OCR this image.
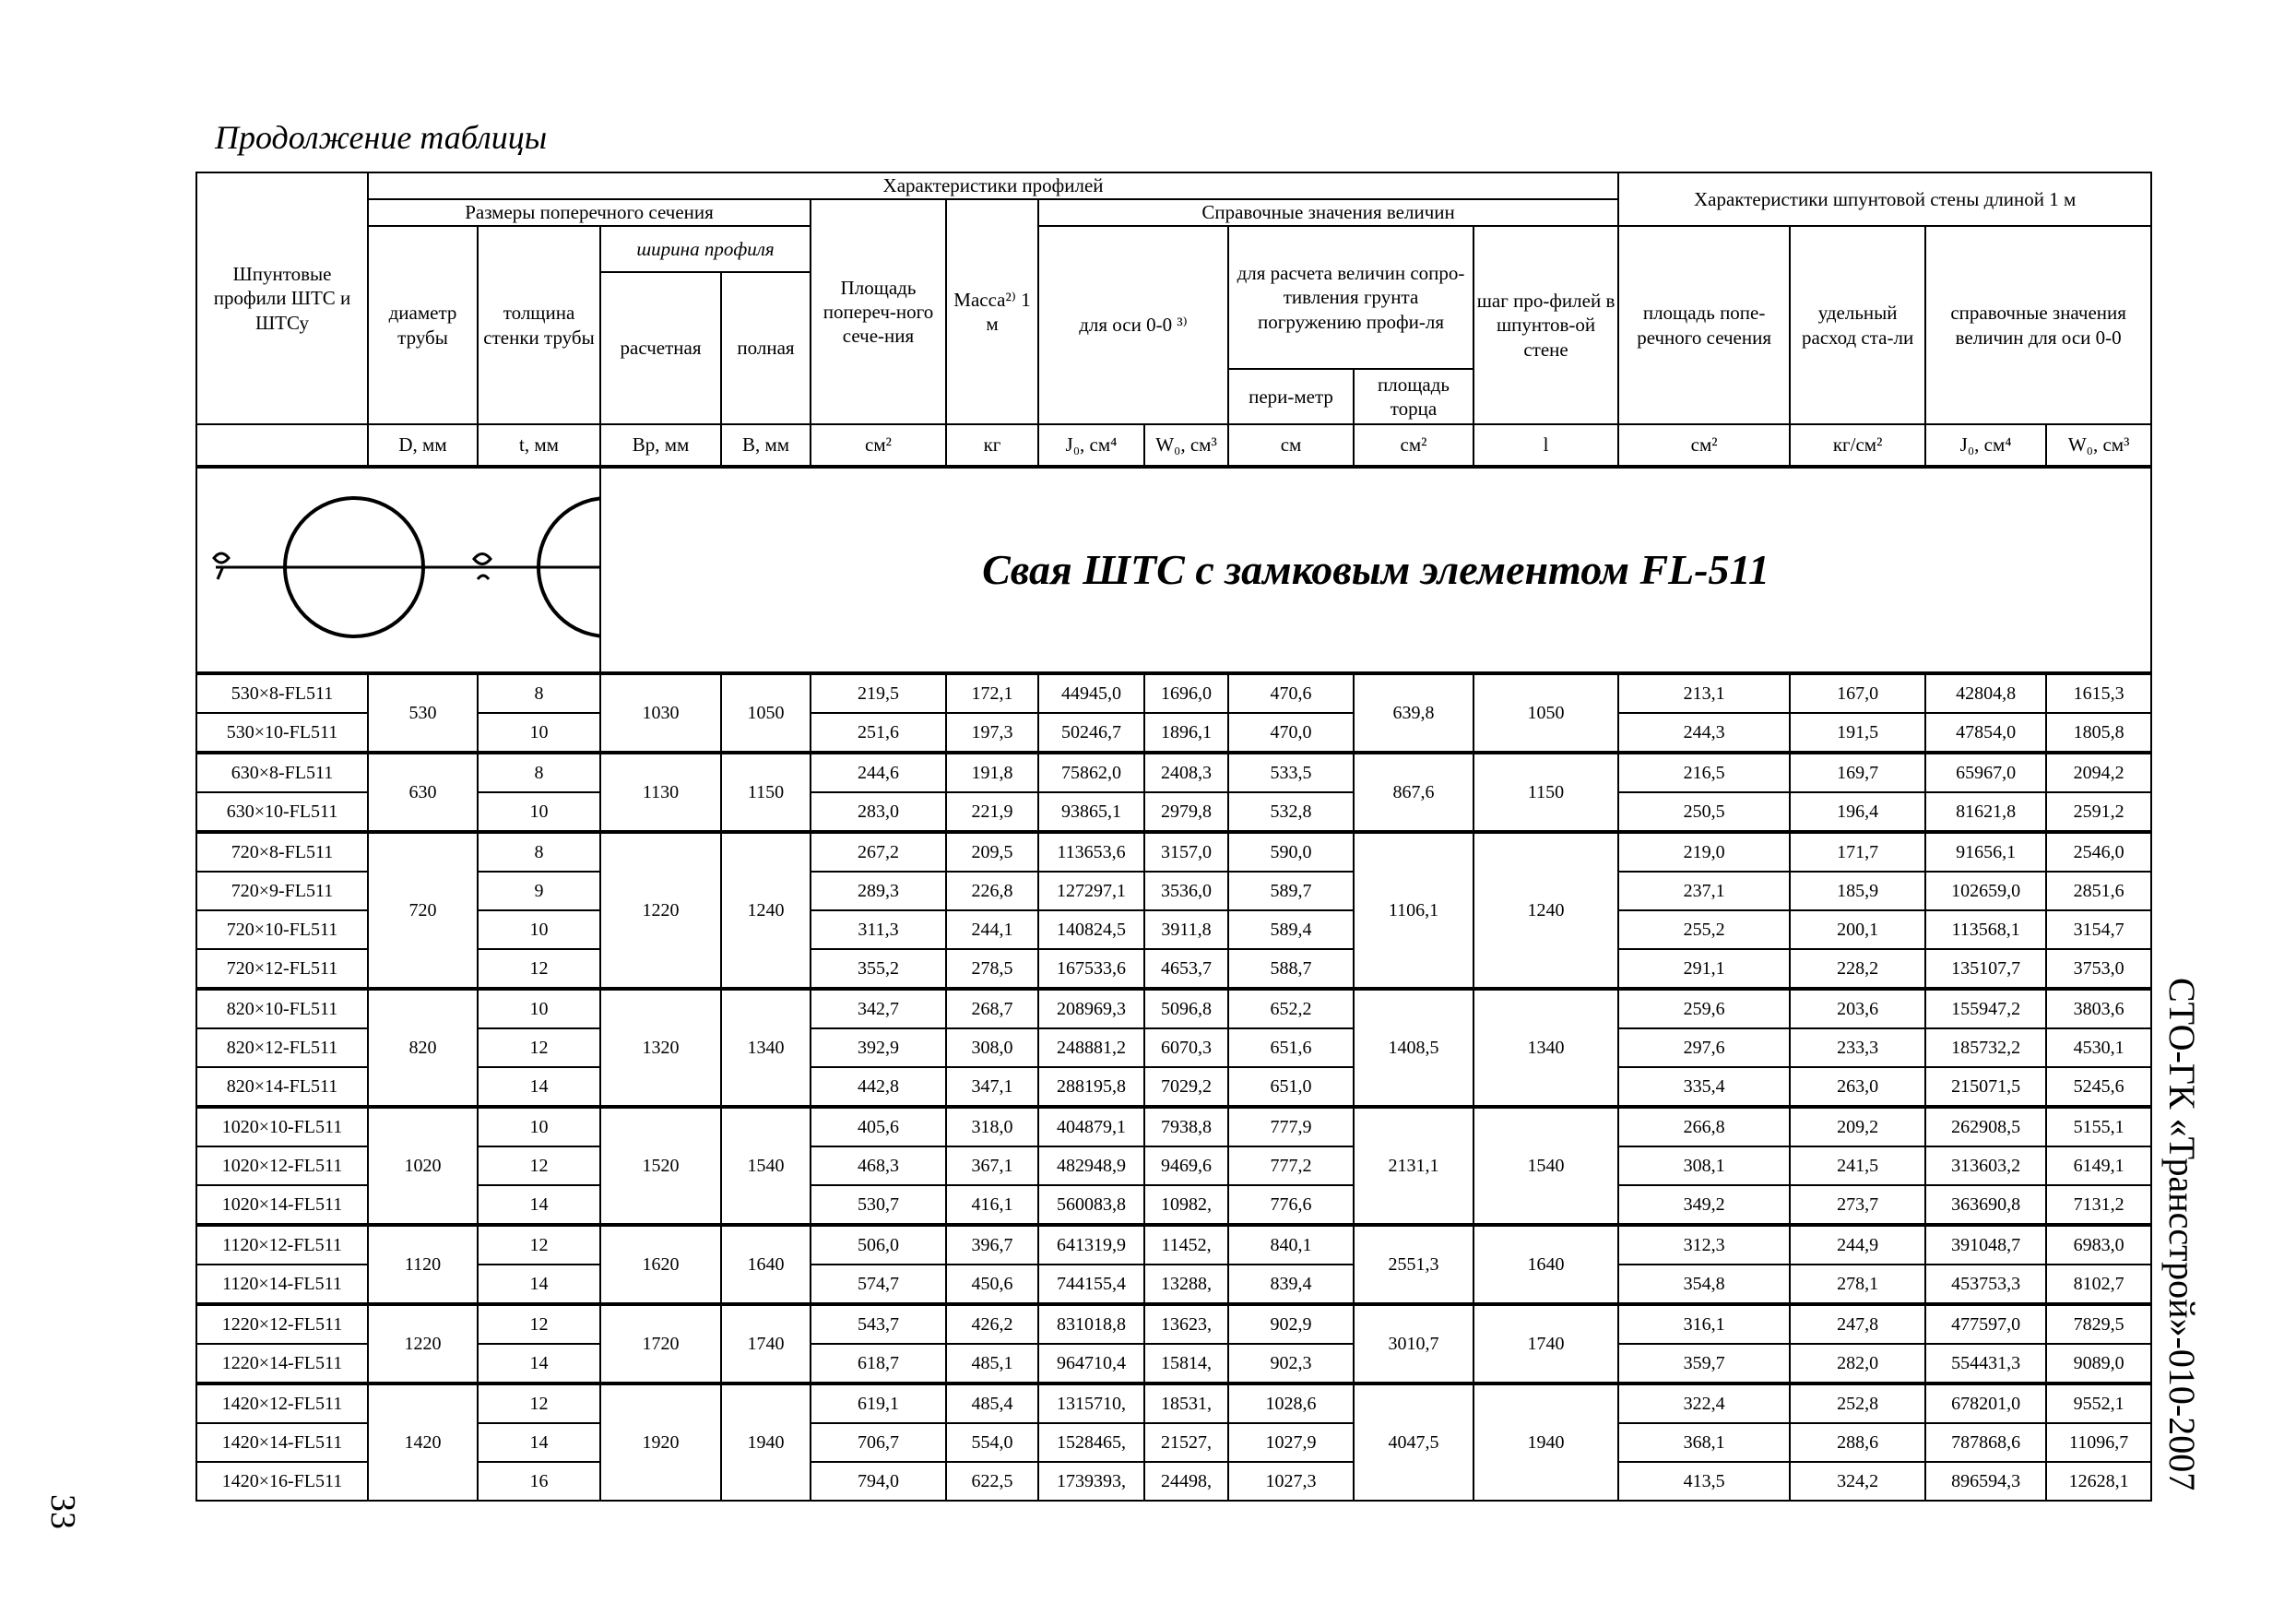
Продолжение таблицы
Шпунтовые профили ШТС и ШТСу	Характеристики профилей											Характеристики шпунтовой стены длиной 1 м			
	Размеры поперечного сечения				Площадь попереч-ного сече-ния	Масса²⁾ 1 м	Справочные значения величин								
	диаметр трубы	толщина стенки трубы	ширина профиля				для оси 0-0 ³⁾		для расчета величин сопро-тивления грунта погружению профи-ля		шаг про-филей в шпунтов-ой стене	площадь попе-речного сечения	удельный расход ста-ли	справочные значения величин для оси 0-0	
			расчетная	полная											
									пери-метр	площадь торца					
	D, мм	t, мм	Bр, мм	B, мм	см²	кг	J₀, см⁴	W₀, см³	см	см²	l	см²	кг/см²	J₀, см⁴	W₀, см³
	Свая ШТС с замковым элементом FL-511												
530×8-FL511	530	8	1030	1050	219,5	172,1	44945,0	1696,0	470,6	639,8	1050	213,1	167,0	42804,8	1615,3
530×10-FL511		10			251,6	197,3	50246,7	1896,1	470,0			244,3	191,5	47854,0	1805,8
630×8-FL511	630	8	1130	1150	244,6	191,8	75862,0	2408,3	533,5	867,6	1150	216,5	169,7	65967,0	2094,2
630×10-FL511		10			283,0	221,9	93865,1	2979,8	532,8			250,5	196,4	81621,8	2591,2
720×8-FL511	720	8	1220	1240	267,2	209,5	113653,6	3157,0	590,0	1106,1	1240	219,0	171,7	91656,1	2546,0
720×9-FL511		9			289,3	226,8	127297,1	3536,0	589,7			237,1	185,9	102659,0	2851,6
720×10-FL511		10			311,3	244,1	140824,5	3911,8	589,4			255,2	200,1	113568,1	3154,7
720×12-FL511		12			355,2	278,5	167533,6	4653,7	588,7			291,1	228,2	135107,7	3753,0
820×10-FL511	820	10	1320	1340	342,7	268,7	208969,3	5096,8	652,2	1408,5	1340	259,6	203,6	155947,2	3803,6
820×12-FL511		12			392,9	308,0	248881,2	6070,3	651,6			297,6	233,3	185732,2	4530,1
820×14-FL511		14			442,8	347,1	288195,8	7029,2	651,0			335,4	263,0	215071,5	5245,6
1020×10-FL511	1020	10	1520	1540	405,6	318,0	404879,1	7938,8	777,9	2131,1	1540	266,8	209,2	262908,5	5155,1
1020×12-FL511		12			468,3	367,1	482948,9	9469,6	777,2			308,1	241,5	313603,2	6149,1
1020×14-FL511		14			530,7	416,1	560083,8	10982,	776,6			349,2	273,7	363690,8	7131,2
1120×12-FL511	1120	12	1620	1640	506,0	396,7	641319,9	11452,	840,1	2551,3	1640	312,3	244,9	391048,7	6983,0
1120×14-FL511		14			574,7	450,6	744155,4	13288,	839,4			354,8	278,1	453753,3	8102,7
1220×12-FL511	1220	12	1720	1740	543,7	426,2	831018,8	13623,	902,9	3010,7	1740	316,1	247,8	477597,0	7829,5
1220×14-FL511		14			618,7	485,1	964710,4	15814,	902,3			359,7	282,0	554431,3	9089,0
1420×12-FL511	1420	12	1920	1940	619,1	485,4	1315710,	18531,	1028,6	4047,5	1940	322,4	252,8	678201,0	9552,1
1420×14-FL511		14			706,7	554,0	1528465,	21527,	1027,9			368,1	288,6	787868,6	11096,7
1420×16-FL511		16			794,0	622,5	1739393,	24498,	1027,3			413,5	324,2	896594,3	12628,1 СТО-ГК «Трансстрой»-010-2007
33
